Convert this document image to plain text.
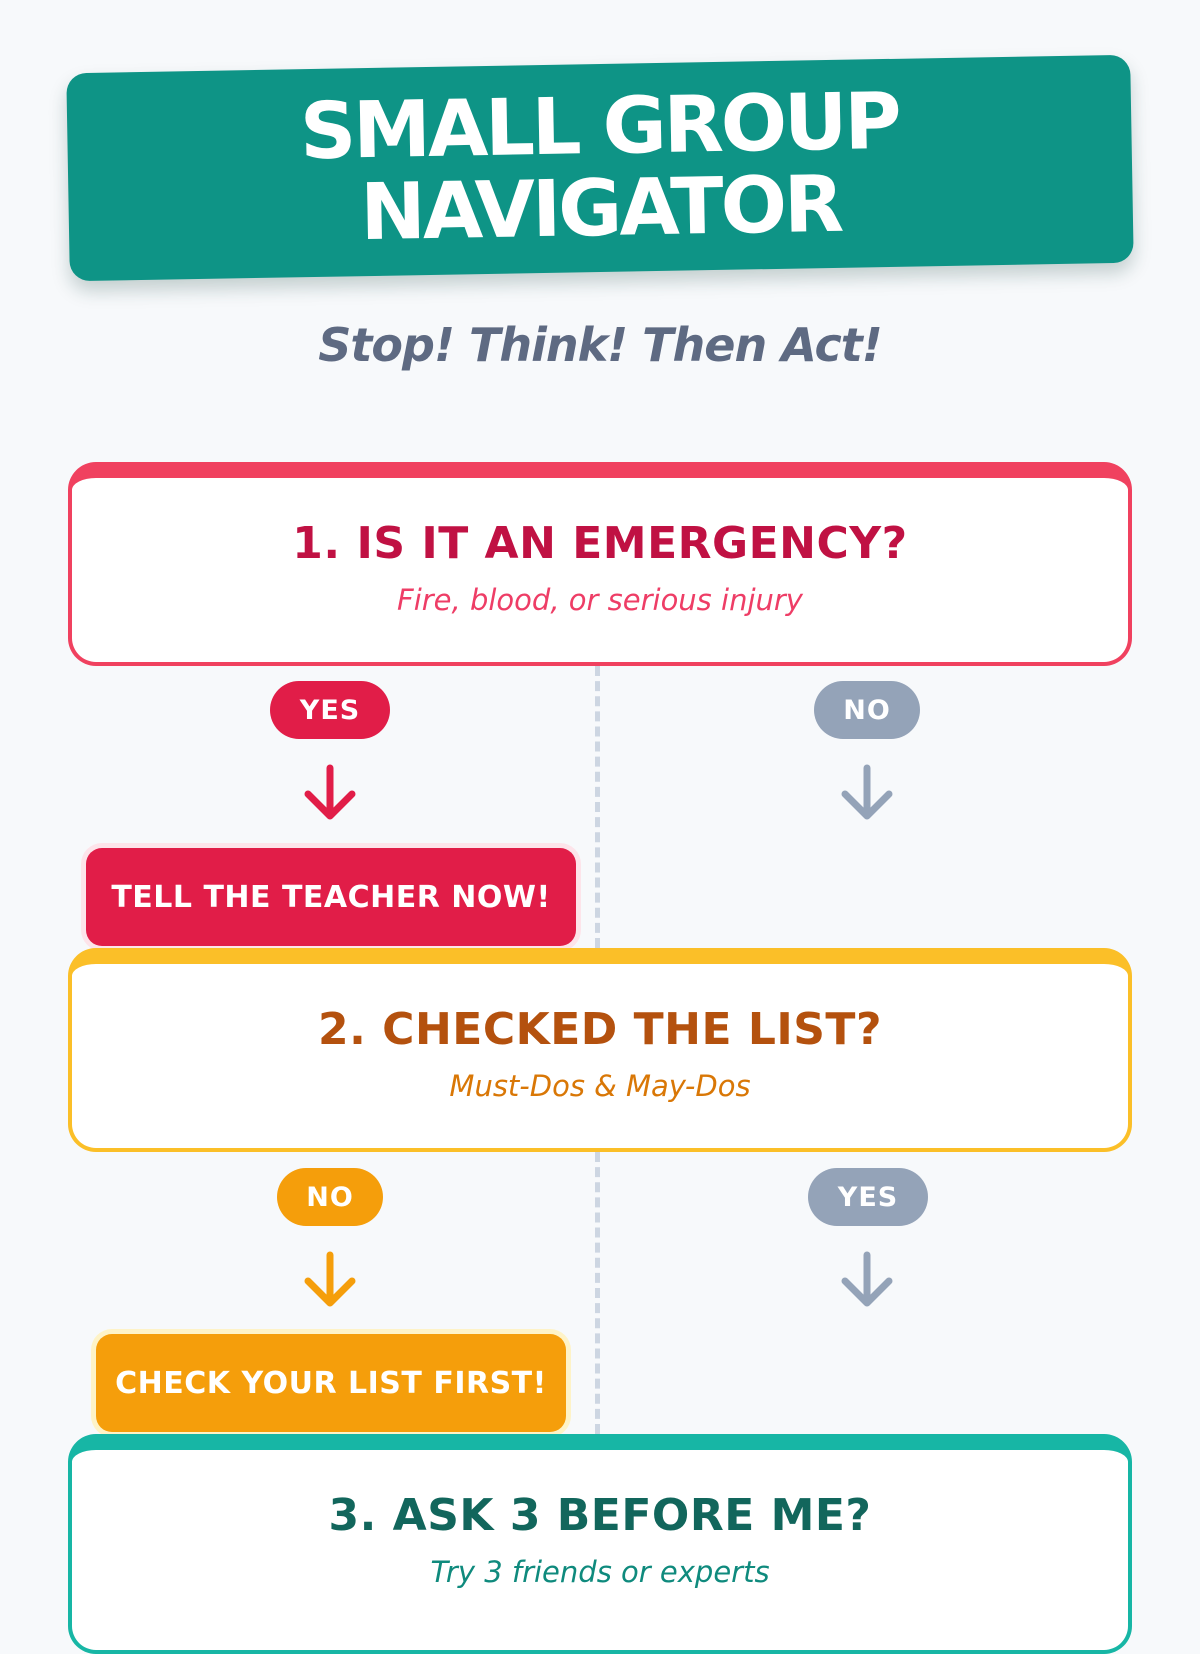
SMALL GROUP
NAVIGATOR
Stop! Think! Then Act!
1. IS IT AN EMERGENCY?

Fire, blood, or serious injury

YES	NO
TELL THE TEACHER NOW!
2. CHECKED THE LIST?

Must-Dos & May-Dos

NO	YES
CHECK YOUR LIST FIRST!
3. ASK 3 BEFORE ME?

Try 3 friends or experts
